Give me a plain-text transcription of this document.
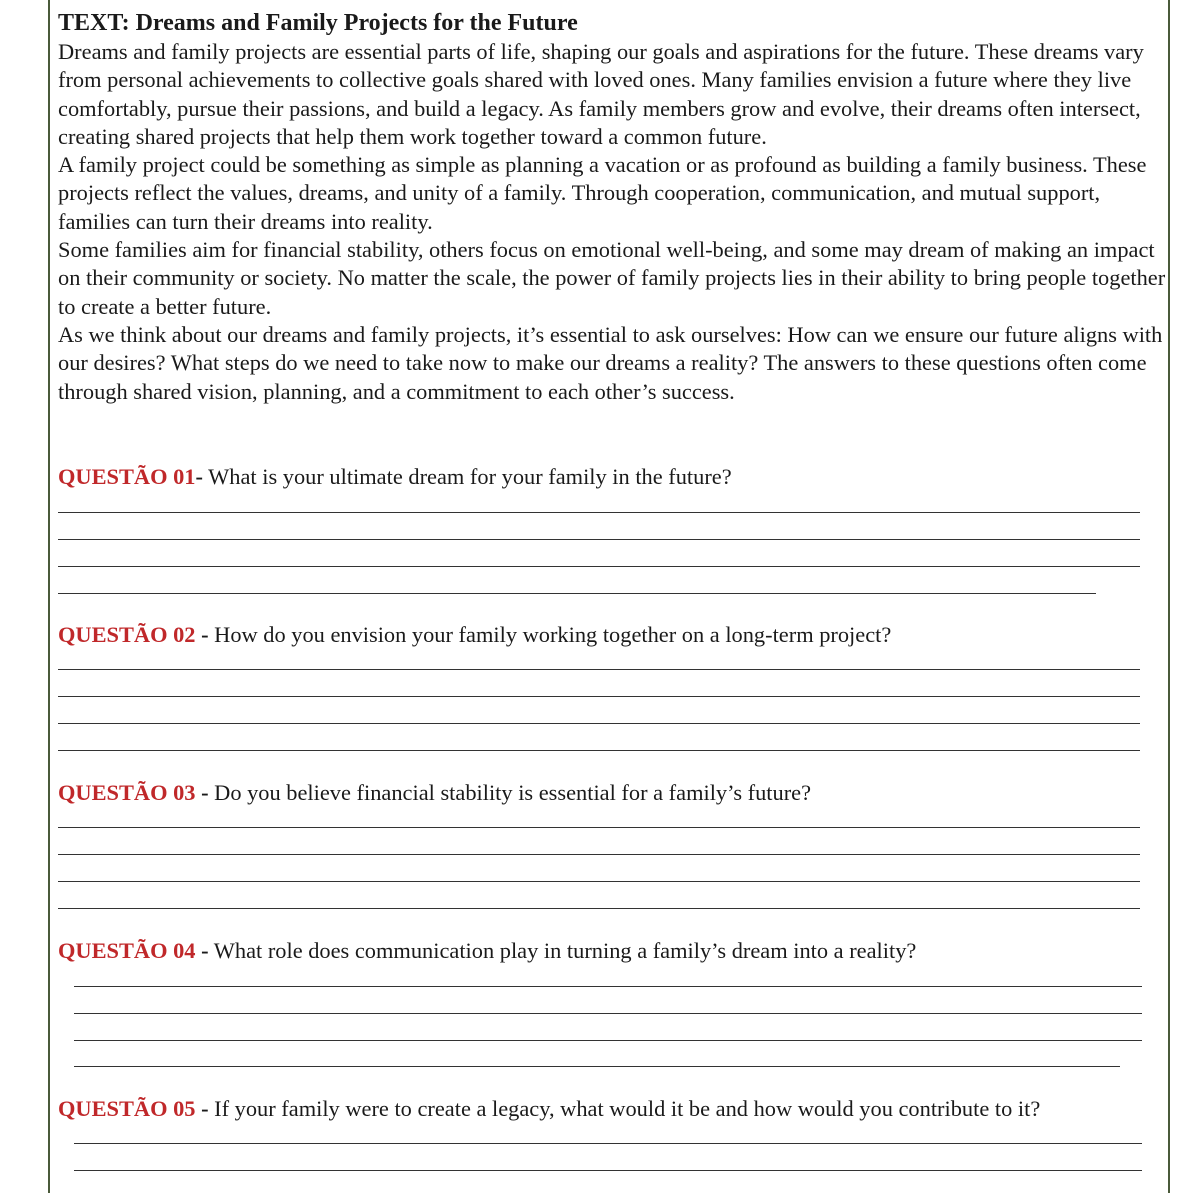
TEXT: Dreams and Family Projects for the Future

Dreams and family projects are essential parts of life, shaping our goals and aspirations for the future. These dreams vary from personal achievements to collective goals shared with loved ones. Many families envision a future where they live comfortably, pursue their passions, and build a legacy. As family members grow and evolve, their dreams often intersect, creating shared projects that help them work together toward a common future.

A family project could be something as simple as planning a vacation or as profound as building a family business. These projects reflect the values, dreams, and unity of a family. Through cooperation, communication, and mutual support, families can turn their dreams into reality.

Some families aim for financial stability, others focus on emotional well-being, and some may dream of making an impact on their community or society. No matter the scale, the power of family projects lies in their ability to bring people together to create a better future.

As we think about our dreams and family projects, it’s essential to ask ourselves: How can we ensure our future aligns with our desires? What steps do we need to take now to make our dreams a reality? The answers to these questions often come through shared vision, planning, and a commitment to each other’s success.

QUESTÃO 01- What is your ultimate dream for your family in the future?

QUESTÃO 02 - How do you envision your family working together on a long-term project?

QUESTÃO 03 - Do you believe financial stability is essential for a family’s future?

QUESTÃO 04 - What role does communication play in turning a family’s dream into a reality?

QUESTÃO 05 - If your family were to create a legacy, what would it be and how would you contribute to it?
